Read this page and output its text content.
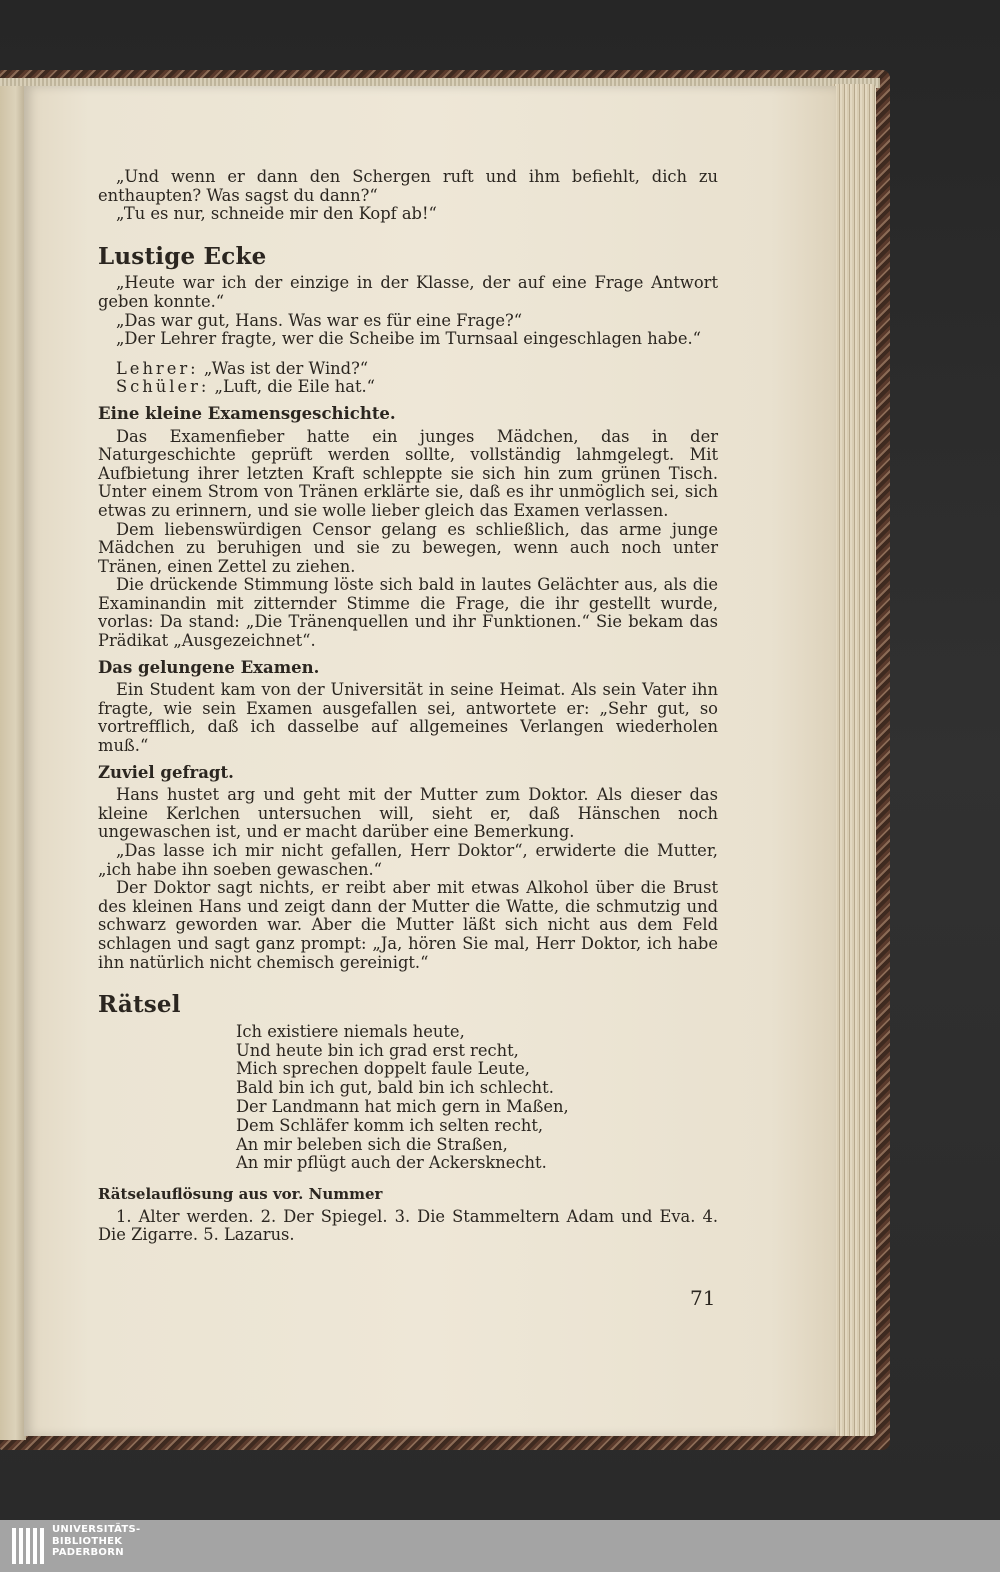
„Und wenn er dann den Schergen ruft und ihm befiehlt, dich zu enthaupten? Was sagst du dann?“

„Tu es nur, schneide mir den Kopf ab!“

Lustige Ecke

„Heute war ich der einzige in der Klasse, der auf eine Frage Antwort geben konnte.“

„Das war gut, Hans. Was war es für eine Frage?“

„Der Lehrer fragte, wer die Scheibe im Turnsaal eingeschlagen habe.“

Lehrer: „Was ist der Wind?“

Schüler: „Luft, die Eile hat.“

Eine kleine Examensgeschichte.

Das Examenfieber hatte ein junges Mädchen, das in der Naturgeschichte geprüft werden sollte, vollständig lahmgelegt. Mit Aufbietung ihrer letzten Kraft schleppte sie sich hin zum grünen Tisch. Unter einem Strom von Tränen erklärte sie, daß es ihr unmöglich sei, sich etwas zu erinnern, und sie wolle lieber gleich das Examen verlassen.

Dem liebenswürdigen Censor gelang es schließlich, das arme junge Mädchen zu beruhigen und sie zu bewegen, wenn auch noch unter Tränen, einen Zettel zu ziehen.

Die drückende Stimmung löste sich bald in lautes Gelächter aus, als die Examinandin mit zitternder Stimme die Frage, die ihr gestellt wurde, vorlas: Da stand: „Die Tränenquellen und ihr Funktionen.“ Sie bekam das Prädikat „Ausgezeichnet“.

Das gelungene Examen.

Ein Student kam von der Universität in seine Heimat. Als sein Vater ihn fragte, wie sein Examen ausgefallen sei, antwortete er: „Sehr gut, so vortrefflich, daß ich dasselbe auf allgemeines Verlangen wiederholen muß.“

Zuviel gefragt.

Hans hustet arg und geht mit der Mutter zum Doktor. Als dieser das kleine Kerlchen untersuchen will, sieht er, daß Hänschen noch ungewaschen ist, und er macht darüber eine Bemerkung.

„Das lasse ich mir nicht gefallen, Herr Doktor“, erwiderte die Mutter, „ich habe ihn soeben gewaschen.“

Der Doktor sagt nichts, er reibt aber mit etwas Alkohol über die Brust des kleinen Hans und zeigt dann der Mutter die Watte, die schmutzig und schwarz geworden war. Aber die Mutter läßt sich nicht aus dem Feld schlagen und sagt ganz prompt: „Ja, hören Sie mal, Herr Doktor, ich habe ihn natürlich nicht chemisch gereinigt.“

Rätsel
Ich existiere niemals heute,
Und heute bin ich grad erst recht,
Mich sprechen doppelt faule Leute,
Bald bin ich gut, bald bin ich schlecht.
Der Landmann hat mich gern in Maßen,
Dem Schläfer komm ich selten recht,
An mir beleben sich die Straßen,
An mir pflügt auch der Ackersknecht.
Rätselauflösung aus vor. Nummer

1. Alter werden. 2. Der Spiegel. 3. Die Stammeltern Adam und Eva. 4. Die Zigarre. 5. Lazarus.

71
UNIVERSITÄTS-
BIBLIOTHEK
PADERBORN
